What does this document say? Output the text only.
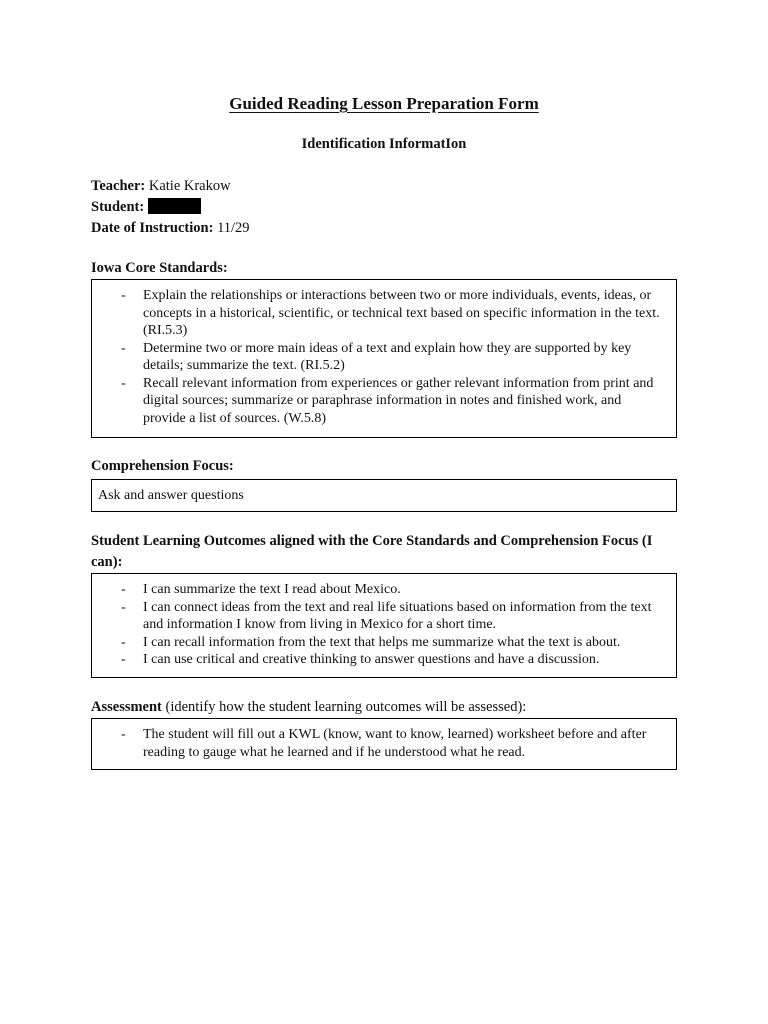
Guided Reading Lesson Preparation Form
Identification InformatIon
Teacher: Katie Krakow
Student:
Date of Instruction: 11/29
Iowa Core Standards:
- Explain the relationships or interactions between two or more individuals, events, ideas, or concepts in a historical, scientific, or technical text based on specific information in the text. (RI.5.3)
- Determine two or more main ideas of a text and explain how they are supported by key details; summarize the text. (RI.5.2)
- Recall relevant information from experiences or gather relevant information from print and digital sources; summarize or paraphrase information in notes and finished work, and provide a list of sources. (W.5.8)
Comprehension Focus:
Ask and answer questions
Student Learning Outcomes aligned with the Core Standards and Comprehension Focus (I can):
- I can summarize the text I read about Mexico.
- I can connect ideas from the text and real life situations based on information from the text and information I know from living in Mexico for a short time.
- I can recall information from the text that helps me summarize what the text is about.
- I can use critical and creative thinking to answer questions and have a discussion.
Assessment (identify how the student learning outcomes will be assessed):
- The student will fill out a KWL (know, want to know, learned) worksheet before and after reading to gauge what he learned and if he understood what he read.
